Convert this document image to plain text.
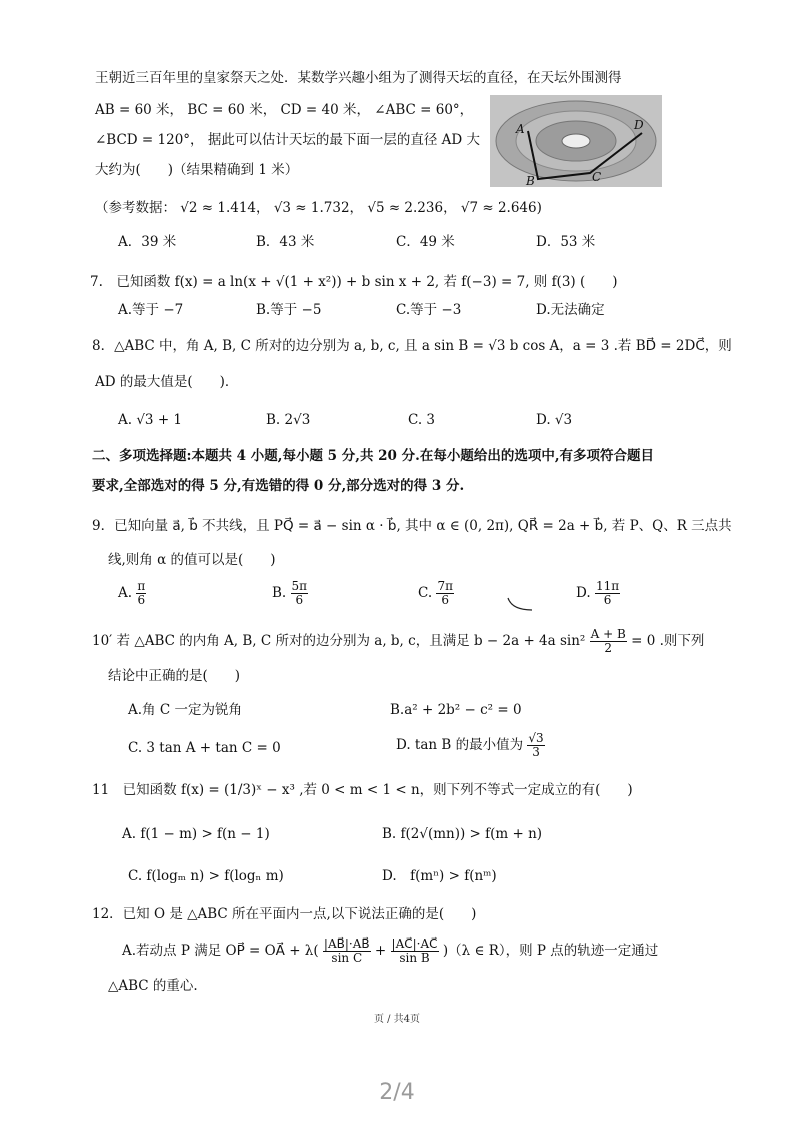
王朝近三百年里的皇家祭天之处．某数学兴趣小组为了测得天坛的直径，在天坛外围测得
AB = 60 米， BC = 60 米， CD = 40 米， ∠ABC = 60°，
∠BCD = 120°， 据此可以估计天坛的最下面一层的直径 AD 大
大约为(　　)（结果精确到 1 米）
A
B	C
D
（参考数据： √2 ≈ 1.414， √3 ≈ 1.732， √5 ≈ 2.236， √7 ≈ 2.646)
A．39 米	B．43 米	C．49 米	D．53 米
7.　已知函数 f(x) = a ln(x + √(1 + x²)) + b sin x + 2, 若 f(−3) = 7, 则 f(3) (　　)
A.等于 −7	B.等于 −5	C.等于 −3	D.无法确定
8．△ABC 中，角 A, B, C 所对的边分别为 a, b, c, 且 a sin B = √3 b cos A，a = 3 .若 BD⃗ = 2DC⃗，则
AD 的最大值是(　　)．
A. √3 + 1	B. 2√3	C. 3	D. √3
二、多项选择题:本题共 4 小题,每小题 5 分,共 20 分.在每小题给出的选项中,有多项符合题目
要求,全部选对的得 5 分,有选错的得 0 分,部分选对的得 3 分.
9．已知向量 a⃗, b⃗ 不共线，且 PQ⃗ = a⃗ − sin α · b⃗, 其中 α ∈ (0, 2π), QR⃗ = 2a + b⃗, 若 P、Q、R 三点共
线,则角 α 的值可以是(　　)
A. $\frac{\pi}{6}$	B. $\frac{5\pi}{6}$	C. $\frac{7\pi}{6}$	D. $\frac{11\pi}{6}$
10′ 若 △ABC 的内角 A, B, C 所对的边分别为 a, b, c，且满足 b − 2a + 4a $\sin^2 \frac{A + B}{2} = 0$ .则下列
结论中正确的是(　　)
A.角 C 一定为锐角	B.a² + 2b² − c² = 0
C. 3 tan A + tan C = 0	D. tan B 的最小值为 $\frac{√3}{3}$
11　已知函数 f(x) = (1/3)ˣ − x³ ,若 0 < m < 1 < n，则下列不等式一定成立的有(　　)
A. f(1 − m) > f(n − 1)	B. f(2√(mn)) > f(m + n)
C. f(logₘ n) > f(logₙ m)	D.　f(mⁿ) > f(nᵐ)
12．已知 O 是 △ABC 所在平面内一点,以下说法正确的是(　　)
A.若动点 P 满足 OP⃗ = OA⃗ + $\lambda( \frac{|AB⃗|\cdot AB⃗}{\text{sin C}} + \frac{|AC⃗|\cdot AC⃗}{\text{sin B}} )(\lambda$ ∈ R），则 P 点的轨迹一定通过
△ABC 的重心.
页 / 共4页
2/4
